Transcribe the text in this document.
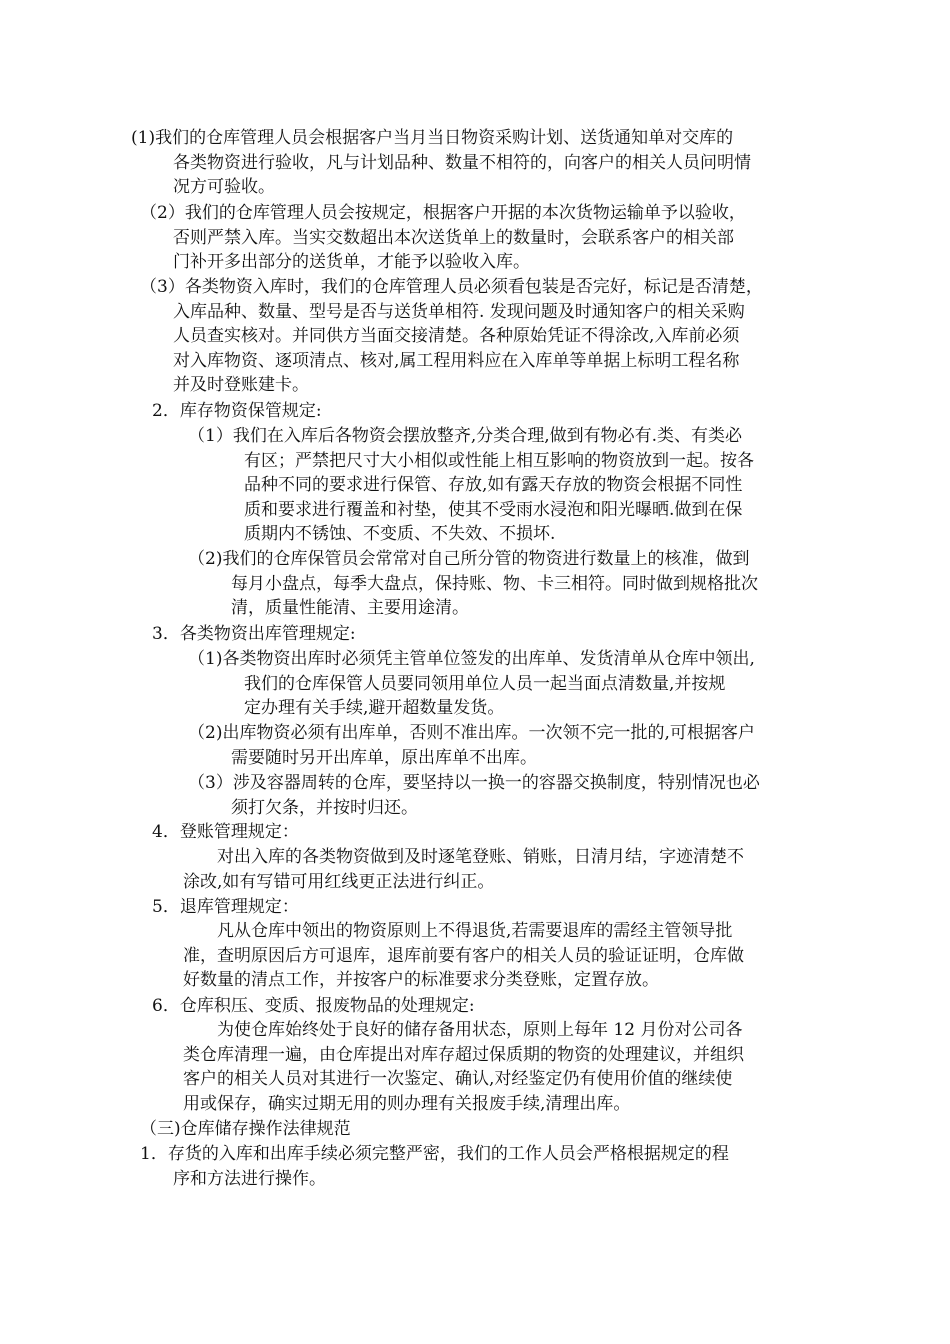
(1)我们的仓库管理人员会根据客户当月当日物资采购计划、送货通知单对交库的
各类物资进行验收，凡与计划品种、数量不相符的，向客户的相关人员问明情
况方可验收。
（2）我们的仓库管理人员会按规定，根据客户开据的本次货物运输单予以验收，
否则严禁入库。当实交数超出本次送货单上的数量时，会联系客户的相关部
门补开多出部分的送货单，才能予以验收入库。
（3）各类物资入库时，我们的仓库管理人员必须看包装是否完好，标记是否清楚，
入库品种、数量、型号是否与送货单相符. 发现问题及时通知客户的相关采购
人员查实核对。并同供方当面交接清楚。各种原始凭证不得涂改,入库前必须
对入库物资、逐项清点、核对,属工程用料应在入库单等单据上标明工程名称
并及时登账建卡。
2．库存物资保管规定:
（1）我们在入库后各物资会摆放整齐,分类合理,做到有物必有.类、有类必
有区；严禁把尺寸大小相似或性能上相互影响的物资放到一起。按各
品种不同的要求进行保管、存放,如有露天存放的物资会根据不同性
质和要求进行覆盖和衬垫，使其不受雨水浸泡和阳光曝晒.做到在保
质期内不锈蚀、不变质、不失效、不损坏.
（2)我们的仓库保管员会常常对自己所分管的物资进行数量上的核准，做到
每月小盘点，每季大盘点，保持账、物、卡三相符。同时做到规格批次
清，质量性能清、主要用途清。
3．各类物资出库管理规定:
（1)各类物资出库时必须凭主管单位签发的出库单、发货清单从仓库中领出,
我们的仓库保管人员要同领用单位人员一起当面点清数量,并按规
定办理有关手续,避开超数量发货。
（2)出库物资必须有出库单，否则不准出库。一次领不完一批的,可根据客户
需要随时另开出库单，原出库单不出库。
（3）涉及容器周转的仓库，要坚持以一换一的容器交换制度，特别情况也必
须打欠条，并按时归还。
4．登账管理规定：
对出入库的各类物资做到及时逐笔登账、销账，日清月结，字迹清楚不
涂改,如有写错可用红线更正法进行纠正。
5．退库管理规定：
凡从仓库中领出的物资原则上不得退货,若需要退库的需经主管领导批
准，查明原因后方可退库，退库前要有客户的相关人员的验证证明，仓库做
好数量的清点工作，并按客户的标准要求分类登账，定置存放。
6．仓库积压、变质、报废物品的处理规定:
为使仓库始终处于良好的储存备用状态，原则上每年 12 月份对公司各
类仓库清理一遍，由仓库提出对库存超过保质期的物资的处理建议，并组织
客户的相关人员对其进行一次鉴定、确认,对经鉴定仍有使用价值的继续使
用或保存，确实过期无用的则办理有关报废手续,清理出库。
（三)仓库储存操作法律规范
1．存货的入库和出库手续必须完整严密，我们的工作人员会严格根据规定的程
序和方法进行操作。
